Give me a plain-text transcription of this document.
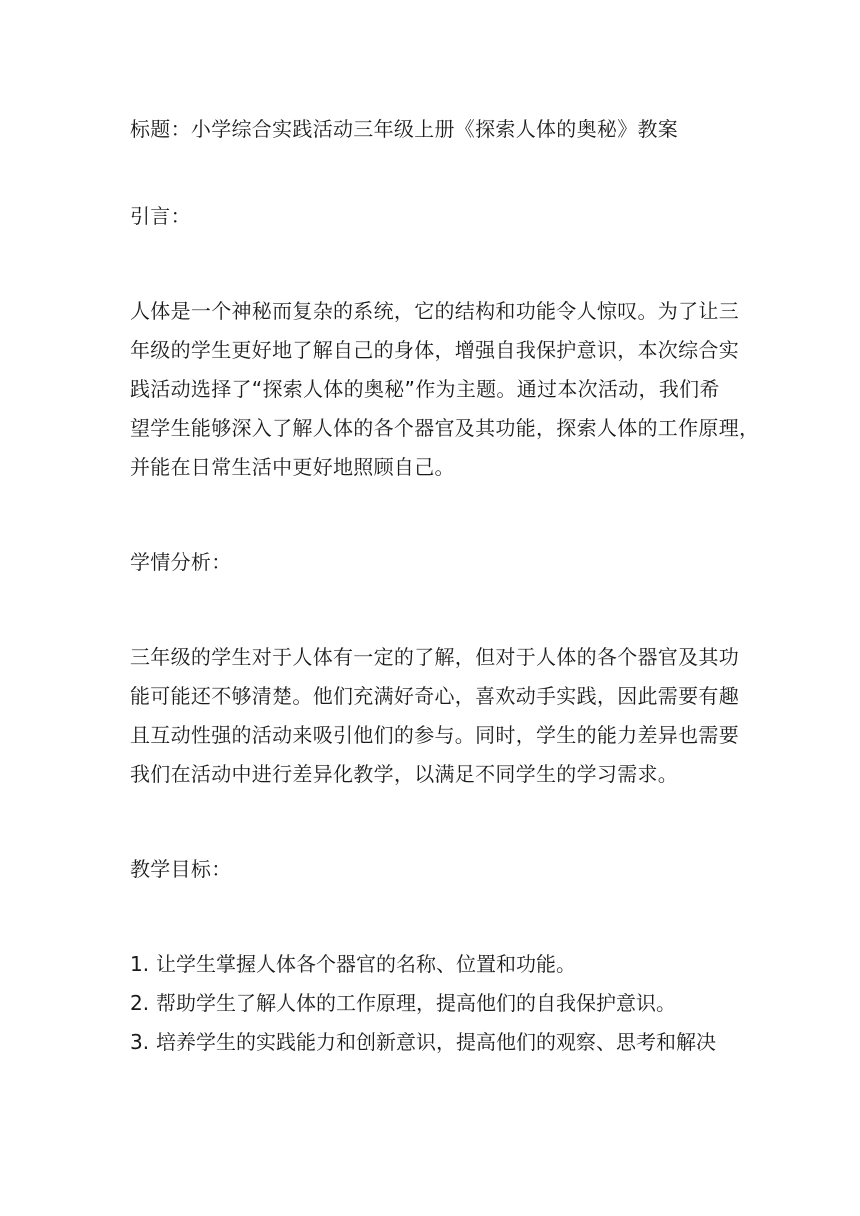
标题：小学综合实践活动三年级上册《探索人体的奥秘》教案
引言：
人体是一个神秘而复杂的系统，它的结构和功能令人惊叹。为了让三
年级的学生更好地了解自己的身体，增强自我保护意识，本次综合实
践活动选择了“探索人体的奥秘”作为主题。通过本次活动，我们希
望学生能够深入了解人体的各个器官及其功能，探索人体的工作原理，
并能在日常生活中更好地照顾自己。
学情分析：
三年级的学生对于人体有一定的了解，但对于人体的各个器官及其功
能可能还不够清楚。他们充满好奇心，喜欢动手实践，因此需要有趣
且互动性强的活动来吸引他们的参与。同时，学生的能力差异也需要
我们在活动中进行差异化教学，以满足不同学生的学习需求。
教学目标：
1. 让学生掌握人体各个器官的名称、位置和功能。
2. 帮助学生了解人体的工作原理，提高他们的自我保护意识。
3. 培养学生的实践能力和创新意识，提高他们的观察、思考和解决
